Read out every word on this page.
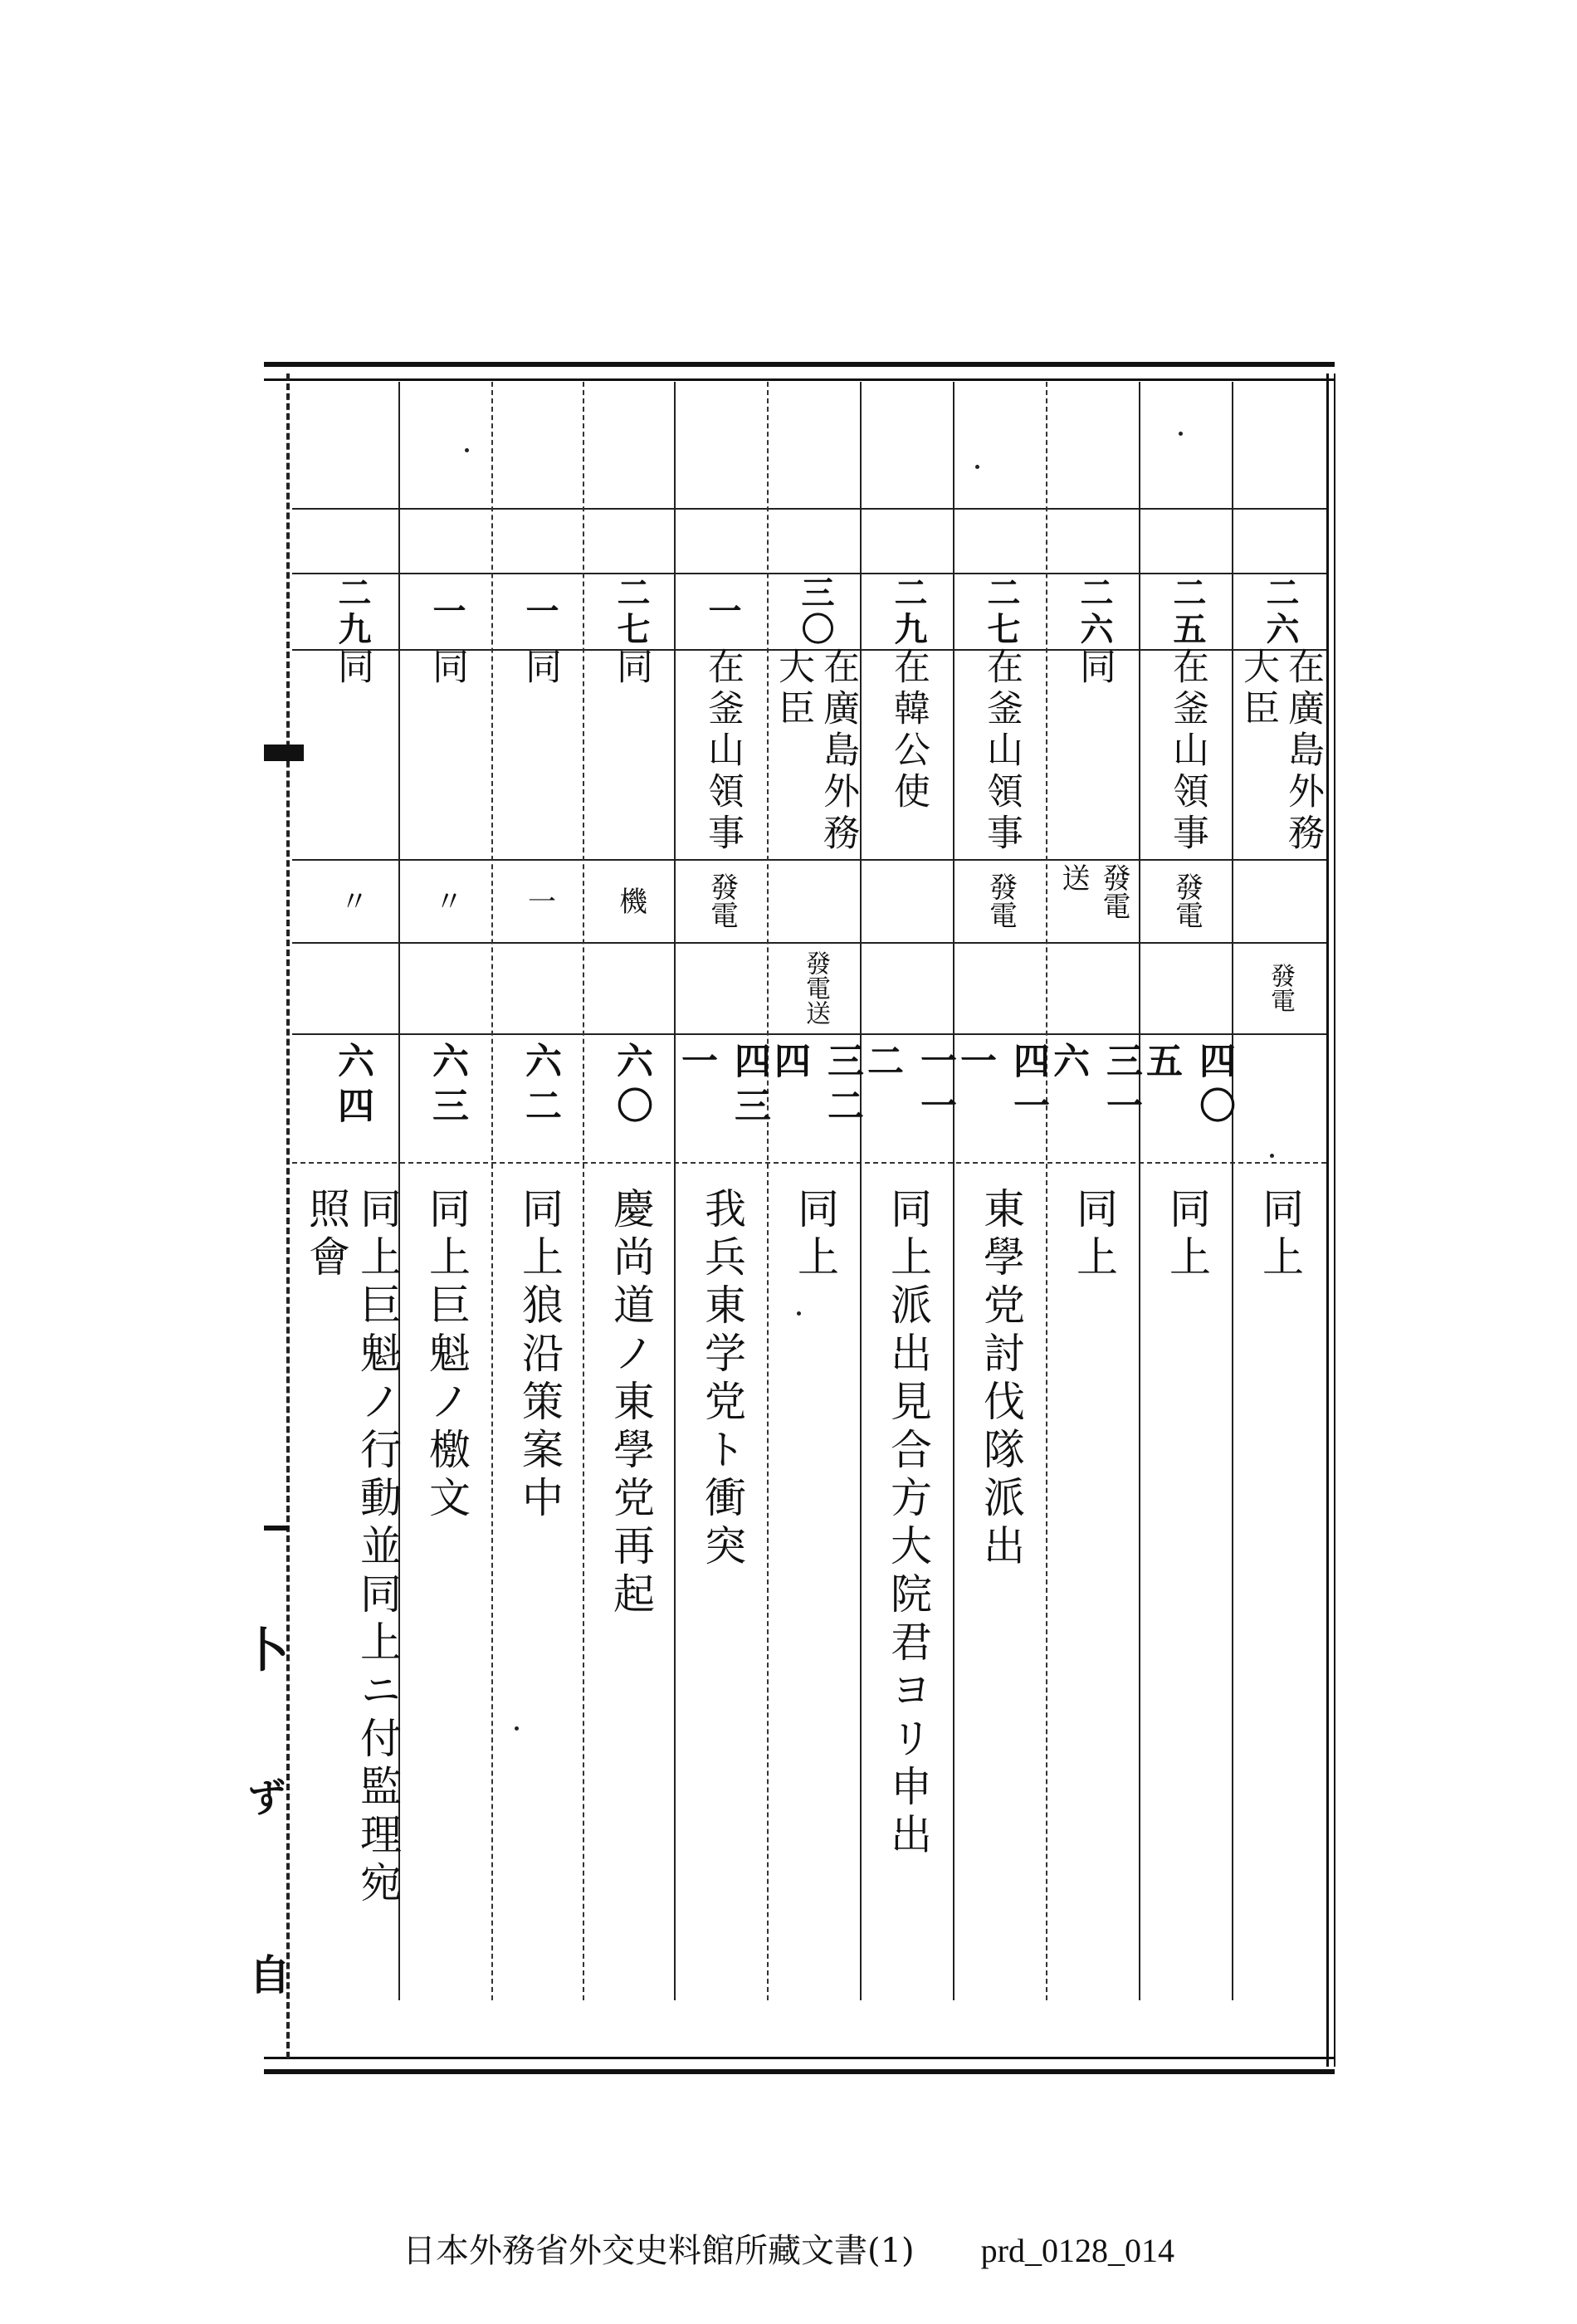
二六
在廣島外務大臣
發電
同上
二五
在釜山領事
發電
四〇五
同上
二六
同
發電送
三一六
同上
二七
在釜山領事
發電
四一一
東學党討伐隊派出
二九
在韓公使
一一二
同上派出見合方大院君ヨリ申出
三〇
在廣島外務大臣
發電送
三二四
同上
一
在釜山領事
發電
四三一
我兵東学党ト衝突
二七
同
機
六〇
慶尚道ノ東學党再起
一
同
一
六二
同上狼沿策案中
一
同
〃
六三
同上巨魁ノ檄文
二九
同
〃
六四
同上巨魁ノ行動並同上ニ付監理宛照會
卜
ず
自
日本外務省外交史料館所藏文書(1) prd_0128_014
